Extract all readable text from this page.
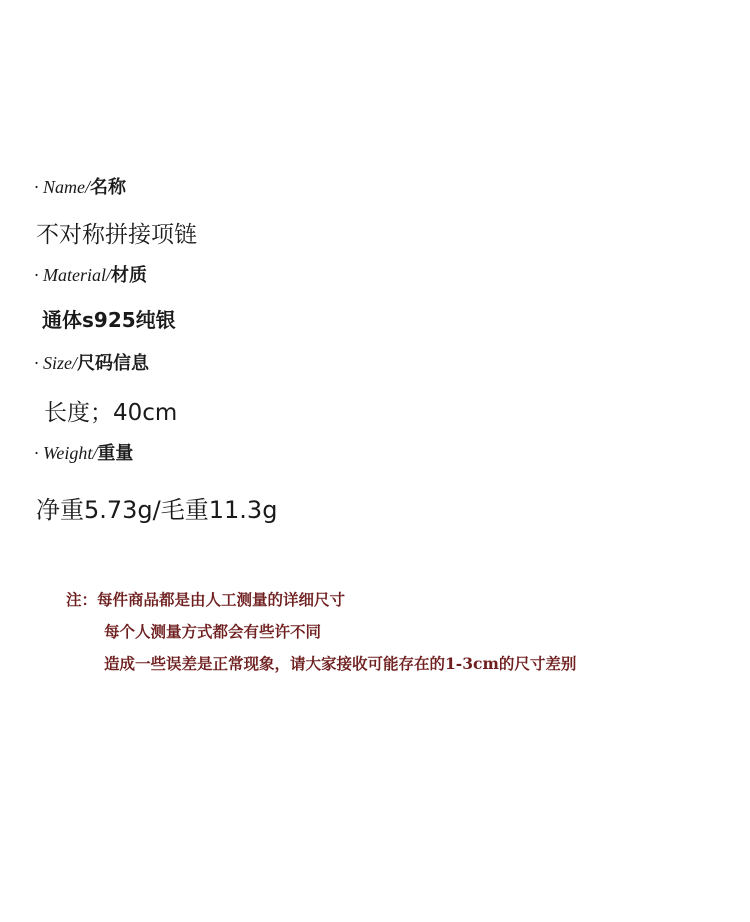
· Name/名称
不对称拼接项链
· Material/材质
通体s925纯银
· Size/尺码信息
长度；40cm
· Weight/重量
净重5.73g/毛重11.3g
注：每件商品都是由人工测量的详细尺寸
每个人测量方式都会有些许不同
造成一些误差是正常现象，请大家接收可能存在的1-3cm的尺寸差别
